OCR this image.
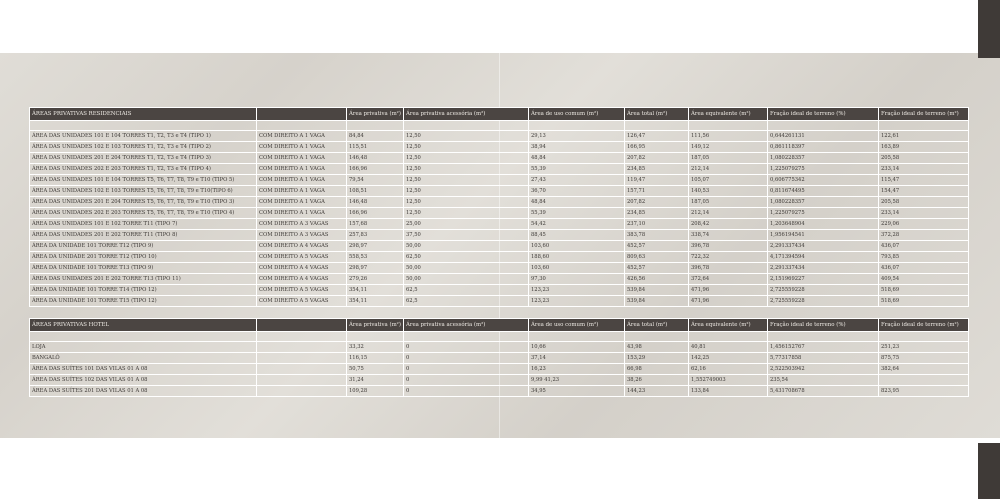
ÁREAS PRIVATIVAS RESIDENCIAIS		Área privativa (m²)	Área privativa acessória (m²)	Área de uso comum (m²)	Área total (m²)	Área equivalente (m²)	Fração ideal de terreno (%)	Fração ideal de terreno (m²)

ÁREA DAS UNIDADES 101 E 104 TORRES T1, T2, T3 e T4 (TIPO 1)	COM DIREITO A 1 VAGA	84,84	12,50	29,13	126,47	111,56	0,644261131	122,61
ÁREA DAS UNIDADES 102 E 103 TORRES T1, T2, T3 e T4 (TIPO 2)	COM DIREITO A 1 VAGA	115,51	12,50	38,94	166,95	149,12	0,861118397	163,89
ÁREA DAS UNIDADES 201 E 204 TORRES T1, T2, T3 e T4 (TIPO 3)	COM DIREITO A 1 VAGA	146,48	12,50	48,84	207,82	187,05	1,080228357	205,58
ÁREA DAS UNIDADES 202 E 203 TORRES T1, T2, T3 e T4 (TIPO 4)	COM DIREITO A 1 VAGA	166,96	12,50	55,39	234,85	212,14	1,225079275	233,14
ÁREA DAS UNIDADES 101 E 104 TORRES T5, T6, T7, T8, T9 e T10 (TIPO 5)	COM DIREITO A 1 VAGA	79,54	12,50	27,43	119,47	105,07	0,606775342	115,47
ÁREA DAS UNIDADES 102 E 103 TORRES T5, T6, T7, T8, T9 e T10(TIPO 6)	COM DIREITO A 1 VAGA	108,51	12,50	36,70	157,71	140,53	0,811674495	154,47
ÁREA DAS UNIDADES 201 E 204 TORRES T5, T6, T7, T8, T9 e T10 (TIPO 3)	COM DIREITO A 1 VAGA	146,48	12,50	48,84	207,82	187,05	1,080228357	205,58
ÁREA DAS UNIDADES 202 E 203 TORRES T5, T6, T7, T8, T9 e T10 (TIPO 4)	COM DIREITO A 1 VAGA	166,96	12,50	55,39	234,85	212,14	1,225079275	233,14
ÁREA DAS UNIDADES 101 E 102 TORRE T11 (TIPO 7)	COM DIREITO A 3 VAGAS	157,68	25,00	54,42	237,10	208,42	1,203648904	229,06
ÁREA DAS UNIDADES 201 E 202 TORRE T11 (TIPO 8)	COM DIREITO A 3 VAGAS	257,83	37,50	88,45	383,78	338,74	1,956194541	372,28
ÁREA DA UNIDADE 101 TORRE T12 (TIPO 9)	COM DIREITO A 4 VAGAS	298,97	50,00	103,60	452,57	396,78	2,291337434	436,07
ÁREA DA UNIDADE 201 TORRE T12 (TIPO 10)	COM DIREITO A 5 VAGAS	558,53	62,50	188,60	809,63	722,32	4,171394594	793,85
ÁREA DA UNIDADE 101 TORRE T13 (TIPO 9)	COM DIREITO A 4 VAGAS	298,97	50,00	103,60	452,57	396,78	2,291337434	436,07
ÁREA DAS UNIDADES 201 E 202 TORRE T13 (TIPO 11)	COM DIREITO A 4 VAGAS	279,26	50,00	97,30	426,56	372,64	2,151969227	409,54
ÁREA DA UNIDADE 101 TORRE T14 (TIPO 12)	COM DIREITO A 5 VAGAS	354,11	62,5	123,23	539,84	471,96	2,725559228	518,69
ÁREA DA UNIDADE 101 TORRE T15 (TIPO 12)	COM DIREITO A 5 VAGAS	354,11	62,5	123,23	539,84	471,96	2,725559228	518,69
ÁREAS PRIVATIVAS HOTEL		Área privativa (m²)	Área privativa acessória (m²)	Área de uso comum (m²)	Área total (m²)	Área equivalente (m²)	Fração ideal de terreno (%)	Fração ideal de terreno (m²)

LOJA		33,32	0	10,66	43,98	40,81	1,456152767	251,23
BANGALÔ		116,15	0	37,14	153,29	142,25	5,77317858	875,75
ÁREA DAS SUÍTES 101 DAS VILAS 01 A 08		50,75	0	16,23	66,98	62,16	2,522503942	382,64
ÁREA DAS SUÍTES 102 DAS VILAS 01 A 08		31,24	0	9,99 41,23	38,26	1,552749003	235,54	
ÁREA DAS SUÍTES 201 DAS VILAS 01 A 08		109,28	0	34,95	144,23	133,84	5,431708678	823,95
